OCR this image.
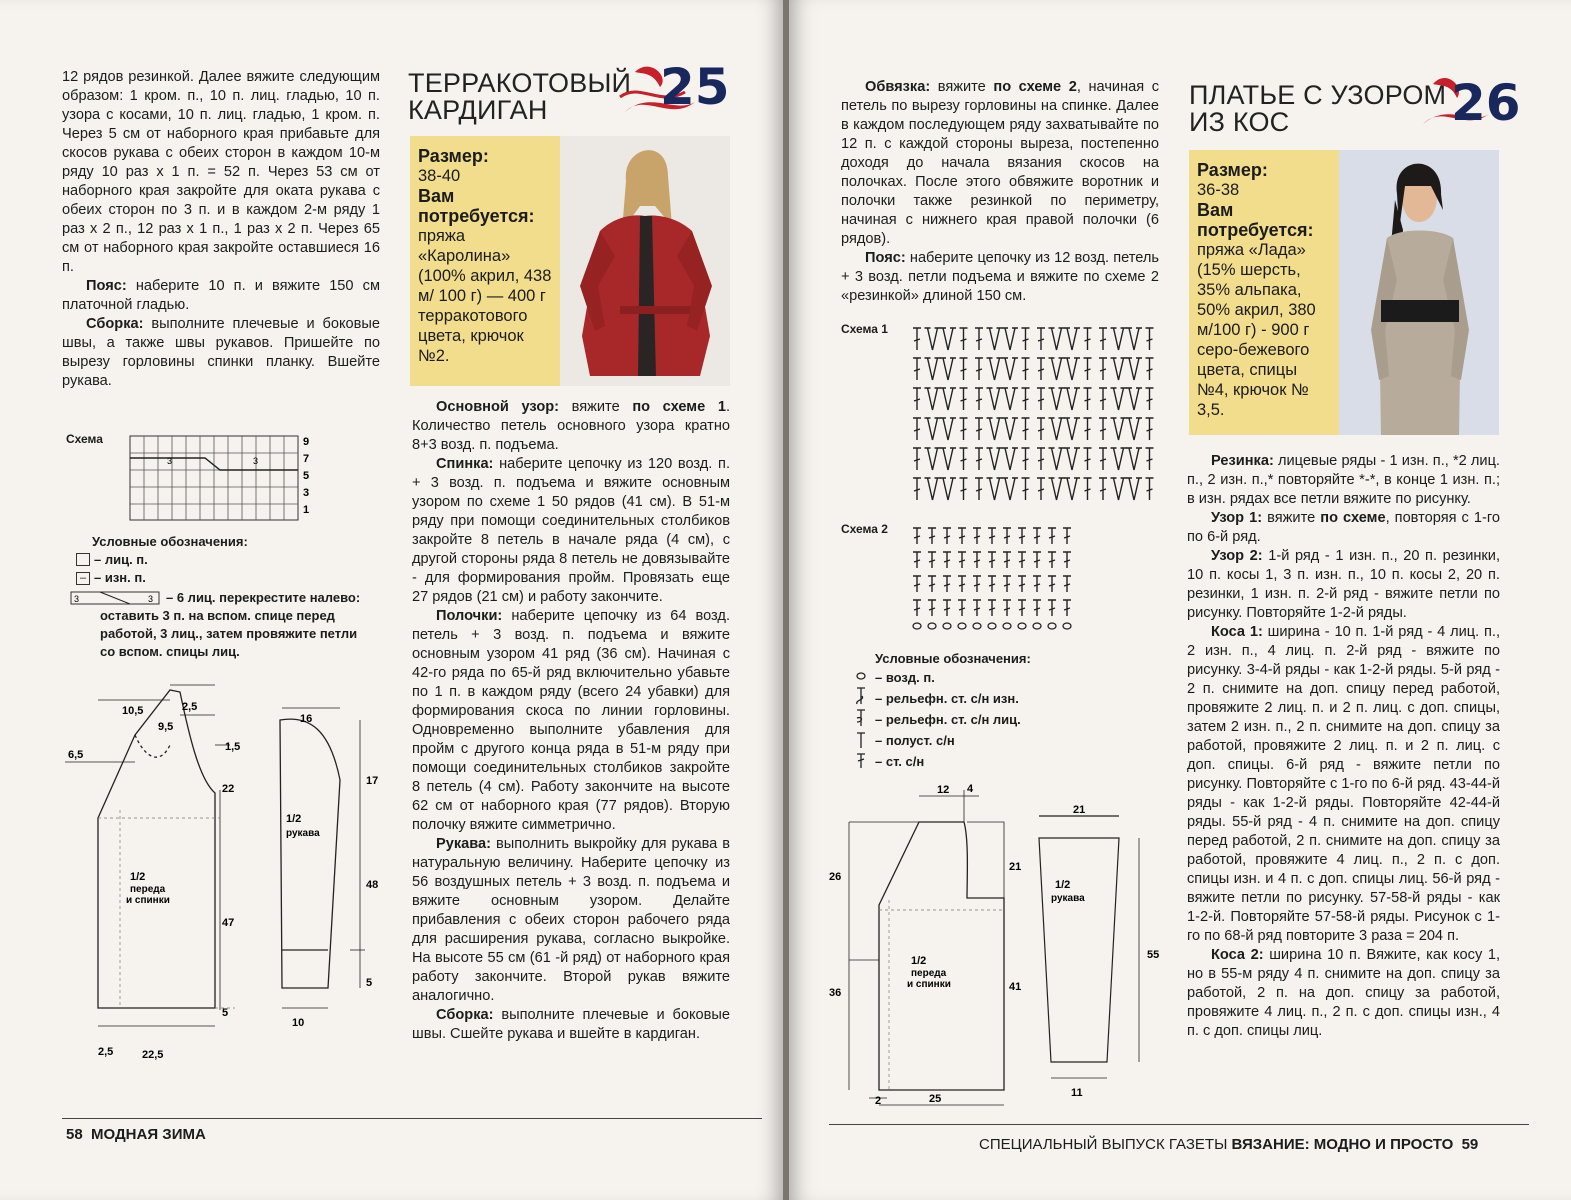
12 рядов резинкой. Далее вяжите следующим образом: 1 кром. п., 10 п. лиц. гладью, 10 п. узора с косами, 10 п. лиц. гладью, 1 кром. п. Через 5 см от наборного края прибавьте для скосов рукава с обеих сторон в каждом 10-м ряду 10 раз х 1 п. = 52 п. Через 53 см от наборного края закройте для оката рукава с обеих сторон по 3 п. и в каждом 2-м ряду 1 раз х 2 п., 12 раз х 1 п., 1 раз х 2 п. Через 65 см от наборного края закройте оставшиеся 16 п.

Пояс: наберите 10 п. и вяжите 150 см платочной гладью.

Сборка: выполните плечевые и боковые швы, а также швы рукавов. Пришейте по вырезу горловины спинки планку. Вшейте рукава.

Схема
3	3
9
7
5
3
1
Условные обозначения:
– лиц. п.
– – изн. п.
3	3 – 6 лиц. перекрестите налево: оставить 3 п. на вспом. спице перед работой, 3 лиц., затем провяжите петли со вспом. спицы лиц.
10,5	2,5
9,5
6,5
1,5
22
47
5
2,5	22,5
16
17
48
5
10
1/2
переда
и спинки
1/2
рукава
ТЕРРАКОТОВЫЙ
КАРДИГАН	25
Размер:
38-40
Вам потребуется:
пряжа «Каролина» (100% акрил, 438 м/ 100 г) — 400 г терракотового цвета, крючок №2.

Основной узор: вяжите по схеме 1. Количество петель основного узора кратно 8+3 возд. п. подъема.

Спинка: наберите цепочку из 120 возд. п. + 3 возд. п. подъема и вяжите основным узором по схеме 1 50 рядов (41 см). В 51-м ряду при помощи соединительных столбиков закройте 8 петель в начале ряда (4 см), с другой стороны ряда 8 петель не довязывайте - для формирования пройм. Провязать еще 27 рядов (21 см) и работу закончите.

Полочки: наберите цепочку из 64 возд. петель + 3 возд. п. подъема и вяжите основным узором 41 ряд (36 см). Начиная с 42-го ряда по 65-й ряд включительно убавьте по 1 п. в каждом ряду (всего 24 убавки) для формирования скоса по линии горловины. Одновременно выполните убавления для пройм с другого конца ряда в 51-м ряду при помощи соединительных столбиков закройте 8 петель (4 см). Работу закончите на высоте 62 см от наборного края (77 рядов). Вторую полочку вяжите симметрично.

Рукава: выполнить выкройку для рукава в натуральную величину. Наберите цепочку из 56 воздушных петель + 3 возд. п. подъема и вяжите основным узором. Делайте прибавления с обеих сторон рабочего ряда для расширения рукава, согласно выкройке. На высоте 55 см (61 -й ряд) от наборного края работу закончите. Второй рукав вяжите аналогично.

Сборка: выполните плечевые и боковые швы. Сшейте рукава и вшейте в кардиган.

58 МОДНАЯ ЗИМА

Обвязка: вяжите по схеме 2, начиная с петель по вырезу горловины на спинке. Далее в каждом последующем ряду захватывайте по 12 п. с каждой стороны выреза, постепенно доходя до начала вязания скосов на полочках. После этого обвяжите воротник и полочки также резинкой по периметру, начиная с нижнего края правой полочки (6 рядов).

Пояс: наберите цепочку из 12 возд. петель + 3 возд. петли подъема и вяжите по схеме 2 «резинкой» длиной 150 см.

Схема 1
Схема 2
Условные обозначения:
– возд. п.
– рельефн. ст. с/н изн.
– рельефн. ст. с/н лиц.
– полуст. с/н
– ст. с/н
12 4
26
21
36	41
2	25
21
55
11
1/2
переда
и спинки
1/2
рукава
ПЛАТЬЕ С УЗОРОМ
ИЗ КОС	26
Размер:
36-38
Вам потребуется:
пряжа «Лада» (15% шерсть, 35% альпака, 50% акрил, 380 м/100 г) - 900 г серо-бежевого цвета, спицы №4, крючок № 3,5.

Резинка: лицевые ряды - 1 изн. п., *2 лиц. п., 2 изн. п.,* повторяйте *-*, в конце 1 изн. п.; в изн. рядах все петли вяжите по рисунку.

Узор 1: вяжите по схеме, повторяя с 1-го по 6-й ряд.

Узор 2: 1-й ряд - 1 изн. п., 20 п. резинки, 10 п. косы 1, 3 п. изн. п., 10 п. косы 2, 20 п. резинки, 1 изн. п. 2-й ряд - вяжите петли по рисунку. Повторяйте 1-2-й ряды.

Коса 1: ширина - 10 п. 1-й ряд - 4 лиц. п., 2 изн. п., 4 лиц. п. 2-й ряд - вяжите по рисунку. 3-4-й ряды - как 1-2-й ряды. 5-й ряд - 2 п. снимите на доп. спицу перед работой, провяжите 2 лиц. п. и 2 п. лиц. с доп. спицы, затем 2 изн. п., 2 п. снимите на доп. спицу за работой, провяжите 2 лиц. п. и 2 п. лиц. с доп. спицы. 6-й ряд - вяжите петли по рисунку. Повторяйте с 1-го по 6-й ряд. 43-44-й ряды - как 1-2-й ряды. Повторяйте 42-44-й ряды. 55-й ряд - 4 п. снимите на доп. спицу перед работой, 2 п. снимите на доп. спицу за работой, провяжите 4 лиц. п., 2 п. с доп. спицы изн. и 4 п. с доп. спицы лиц. 56-й ряд - вяжите петли по рисунку. 57-58-й ряды - как 1-2-й. Повторяйте 57-58-й ряды. Рисунок с 1-го по 68-й ряд повторите 3 раза = 204 п.

Коса 2: ширина 10 п. Вяжите, как косу 1, но в 55-м ряду 4 п. снимите на доп. спицу за работой, 2 п. на доп. спицу за работой, провяжите 4 лиц. п., 2 п. с доп. спицы изн., 4 п. с доп. спицы лиц.

СПЕЦИАЛЬНЫЙ ВЫПУСК ГАЗЕТЫ ВЯЗАНИЕ: МОДНО И ПРОСТО 59
